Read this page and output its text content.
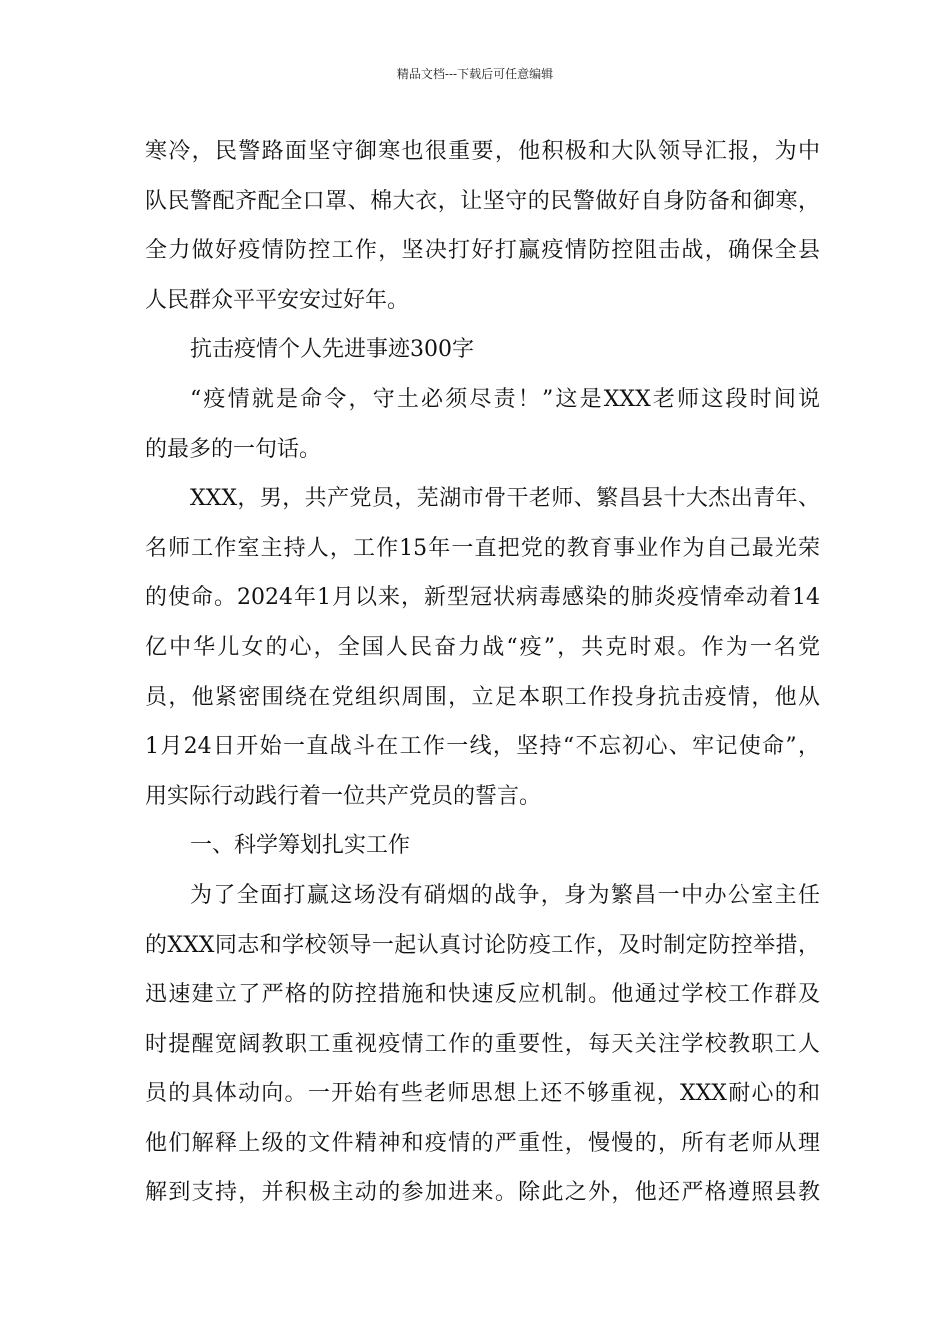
精品文档---下载后可任意编辑
寒冷，民警路面坚守御寒也很重要，他积极和大队领导汇报，为中
队民警配齐配全口罩、棉大衣，让坚守的民警做好自身防备和御寒，
全力做好疫情防控工作，坚决打好打赢疫情防控阻击战，确保全县
人民群众平平安安过好年。
抗击疫情个人先进事迹300字
“疫情就是命令，守土必须尽责！”这是XXX老师这段时间说
的最多的一句话。
XXX，男，共产党员，芜湖市骨干老师、繁昌县十大杰出青年、
名师工作室主持人，工作15年一直把党的教育事业作为自己最光荣
的使命。2024年1月以来，新型冠状病毒感染的肺炎疫情牵动着14
亿中华儿女的心，全国人民奋力战“疫”，共克时艰。作为一名党
员，他紧密围绕在党组织周围，立足本职工作投身抗击疫情，他从
1月24日开始一直战斗在工作一线，坚持“不忘初心、牢记使命”，
用实际行动践行着一位共产党员的誓言。
一、科学筹划扎实工作
为了全面打赢这场没有硝烟的战争，身为繁昌一中办公室主任
的XXX同志和学校领导一起认真讨论防疫工作，及时制定防控举措，
迅速建立了严格的防控措施和快速反应机制。他通过学校工作群及
时提醒宽阔教职工重视疫情工作的重要性，每天关注学校教职工人
员的具体动向。一开始有些老师思想上还不够重视，XXX耐心的和
他们解释上级的文件精神和疫情的严重性，慢慢的，所有老师从理
解到支持，并积极主动的参加进来。除此之外，他还严格遵照县教
